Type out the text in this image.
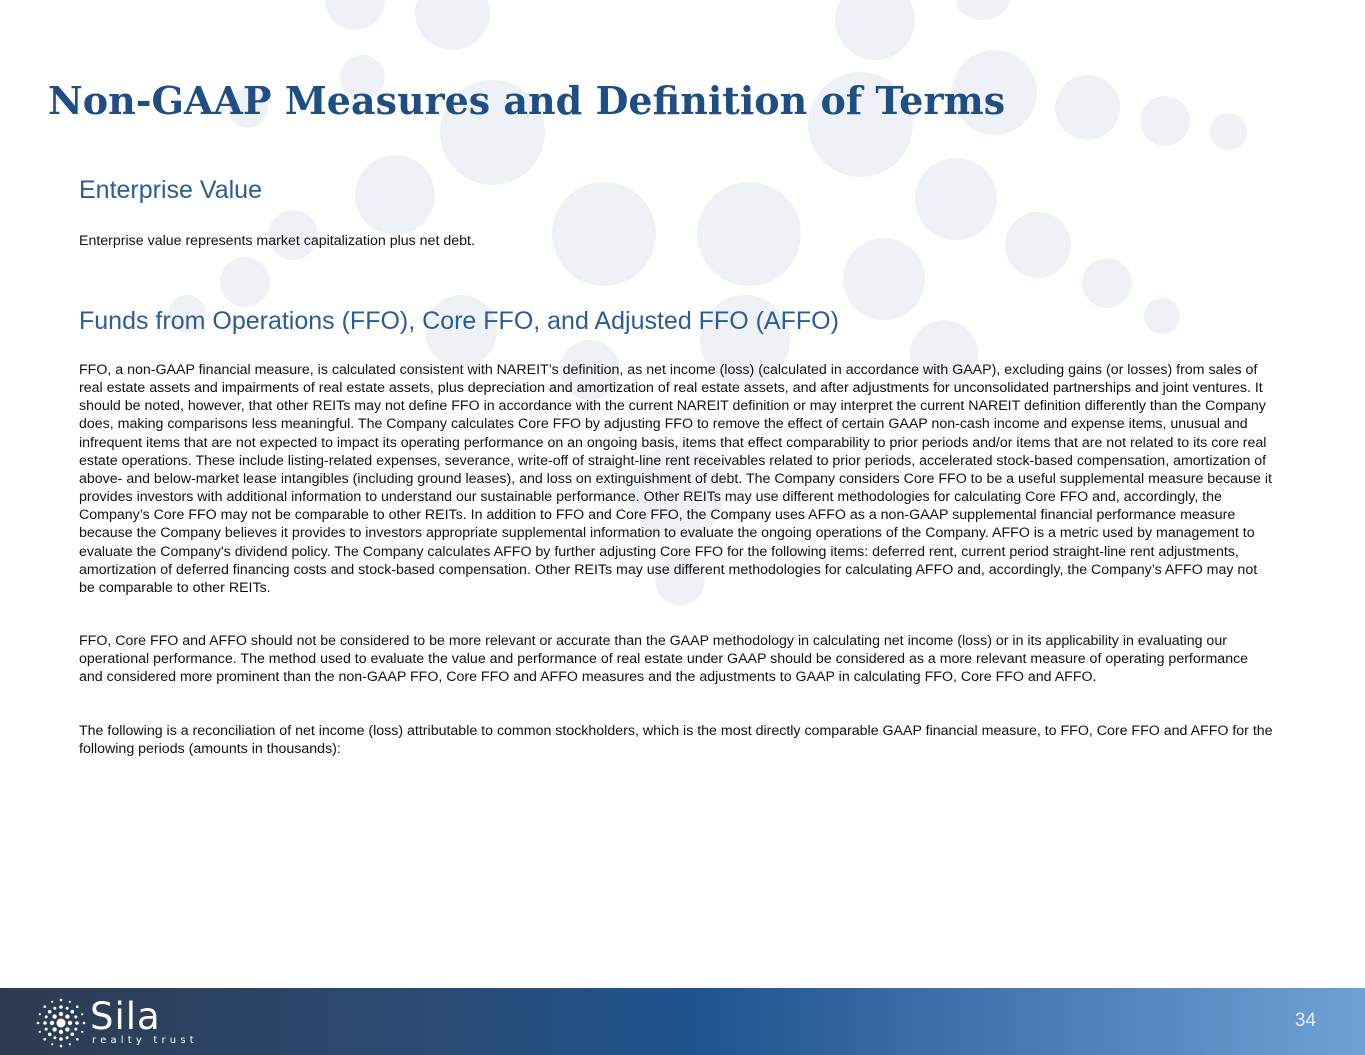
Non-GAAP Measures and Definition of Terms
Enterprise Value

Enterprise value represents market capitalization plus net debt.

Funds from Operations (FFO), Core FFO, and Adjusted FFO (AFFO)

FFO, a non-GAAP financial measure, is calculated consistent with NAREIT’s definition, as net income (loss) (calculated in accordance with GAAP), excluding gains (or losses) from sales of real estate assets and impairments of real estate assets, plus depreciation and amortization of real estate assets, and after adjustments for unconsolidated partnerships and joint ventures. It should be noted, however, that other REITs may not define FFO in accordance with the current NAREIT definition or may interpret the current NAREIT definition differently than the Company does, making comparisons less meaningful. The Company calculates Core FFO by adjusting FFO to remove the effect of certain GAAP non-cash income and expense items, unusual and infrequent items that are not expected to impact its operating performance on an ongoing basis, items that effect comparability to prior periods and/or items that are not related to its core real estate operations. These include listing-related expenses, severance, write-off of straight-line rent receivables related to prior periods, accelerated stock-based compensation, amortization of above- and below-market lease intangibles (including ground leases), and loss on extinguishment of debt. The Company considers Core FFO to be a useful supplemental measure because it provides investors with additional information to understand our sustainable performance. Other REITs may use different methodologies for calculating Core FFO and, accordingly, the Company’s Core FFO may not be comparable to other REITs. In addition to FFO and Core FFO, the Company uses AFFO as a non-GAAP supplemental financial performance measure because the Company believes it provides to investors appropriate supplemental information to evaluate the ongoing operations of the Company. AFFO is a metric used by management to evaluate the Company's dividend policy. The Company calculates AFFO by further adjusting Core FFO for the following items: deferred rent, current period straight-line rent adjustments, amortization of deferred financing costs and stock-based compensation. Other REITs may use different methodologies for calculating AFFO and, accordingly, the Company’s AFFO may not be comparable to other REITs.

FFO, Core FFO and AFFO should not be considered to be more relevant or accurate than the GAAP methodology in calculating net income (loss) or in its applicability in evaluating our operational performance. The method used to evaluate the value and performance of real estate under GAAP should be considered as a more relevant measure of operating performance and considered more prominent than the non-GAAP FFO, Core FFO and AFFO measures and the adjustments to GAAP in calculating FFO, Core FFO and AFFO.

The following is a reconciliation of net income (loss) attributable to common stockholders, which is the most directly comparable GAAP financial measure, to FFO, Core FFO and AFFO for the following periods (amounts in thousands):

Sila
realty trust
34
